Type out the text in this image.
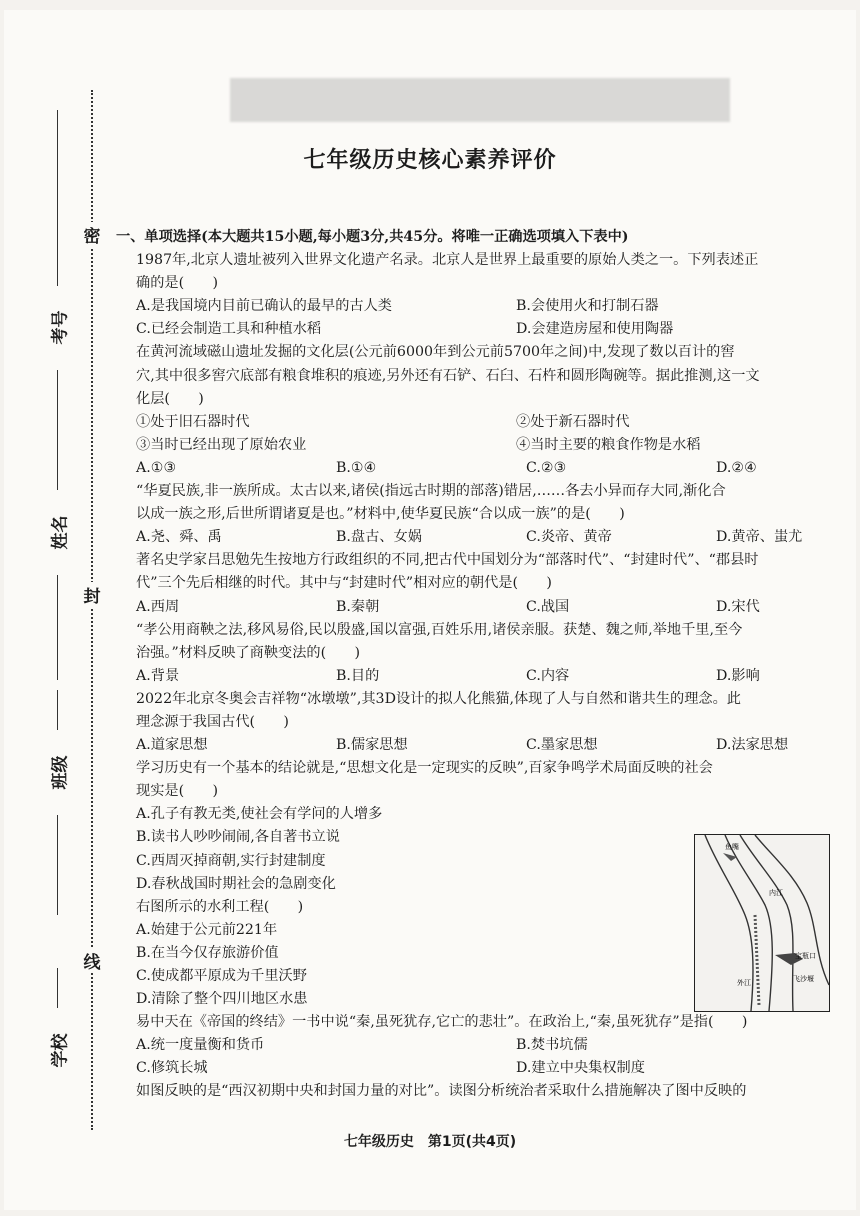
七年级历史核心素养评价
密
封
线
考号
姓名
班级
学校
一、单项选择(本大题共15小题,每小题3分,共45分。将唯一正确选项填入下表中)
1987年,北京人遗址被列入世界文化遗产名录。北京人是世界上最重要的原始人类之一。下列表述正
确的是(　　)
A.是我国境内目前已确认的最早的古人类	B.会使用火和打制石器
C.已经会制造工具和种植水稻	D.会建造房屋和使用陶器
在黄河流域磁山遗址发掘的文化层(公元前6000年到公元前5700年之间)中,发现了数以百计的窖
穴,其中很多窖穴底部有粮食堆积的痕迹,另外还有石铲、石臼、石杵和圆形陶碗等。据此推测,这一文
化层(　　)
①处于旧石器时代	②处于新石器时代
③当时已经出现了原始农业	④当时主要的粮食作物是水稻
A.①③	B.①④	C.②③	D.②④
“华夏民族,非一族所成。太古以来,诸侯(指远古时期的部落)错居,……各去小异而存大同,渐化合
以成一族之形,后世所谓诸夏是也。”材料中,使华夏民族“合以成一族”的是(　　)
A.尧、舜、禹	B.盘古、女娲	C.炎帝、黄帝	D.黄帝、蚩尤
著名史学家吕思勉先生按地方行政组织的不同,把古代中国划分为“部落时代”、“封建时代”、“郡县时
代”三个先后相继的时代。其中与“封建时代”相对应的朝代是(　　)
A.西周	B.秦朝	C.战国	D.宋代
“孝公用商鞅之法,移风易俗,民以殷盛,国以富强,百姓乐用,诸侯亲服。获楚、魏之师,举地千里,至今
治强。”材料反映了商鞅变法的(　　)
A.背景	B.目的	C.内容	D.影响
2022年北京冬奥会吉祥物“冰墩墩”,其3D设计的拟人化熊猫,体现了人与自然和谐共生的理念。此
理念源于我国古代(　　)
A.道家思想	B.儒家思想	C.墨家思想	D.法家思想
学习历史有一个基本的结论就是,“思想文化是一定现实的反映”,百家争鸣学术局面反映的社会
现实是(　　)
A.孔子有教无类,使社会有学问的人增多
B.读书人吵吵闹闹,各自著书立说
C.西周灭掉商朝,实行封建制度
D.春秋战国时期社会的急剧变化
右图所示的水利工程(　　)
A.始建于公元前221年
B.在当今仅存旅游价值
C.使成都平原成为千里沃野
D.清除了整个四川地区水患
易中天在《帝国的终结》一书中说“秦,虽死犹存,它亡的悲壮”。在政治上,“秦,虽死犹存”是指(　　)
A.统一度量衡和货币	B.焚书坑儒
C.修筑长城	D.建立中央集权制度
如图反映的是“西汉初期中央和封国力量的对比”。读图分析统治者采取什么措施解决了图中反映的
鱼嘴
宝瓶口
飞沙堰
内江
外江
七年级历史　第1页(共4页)
